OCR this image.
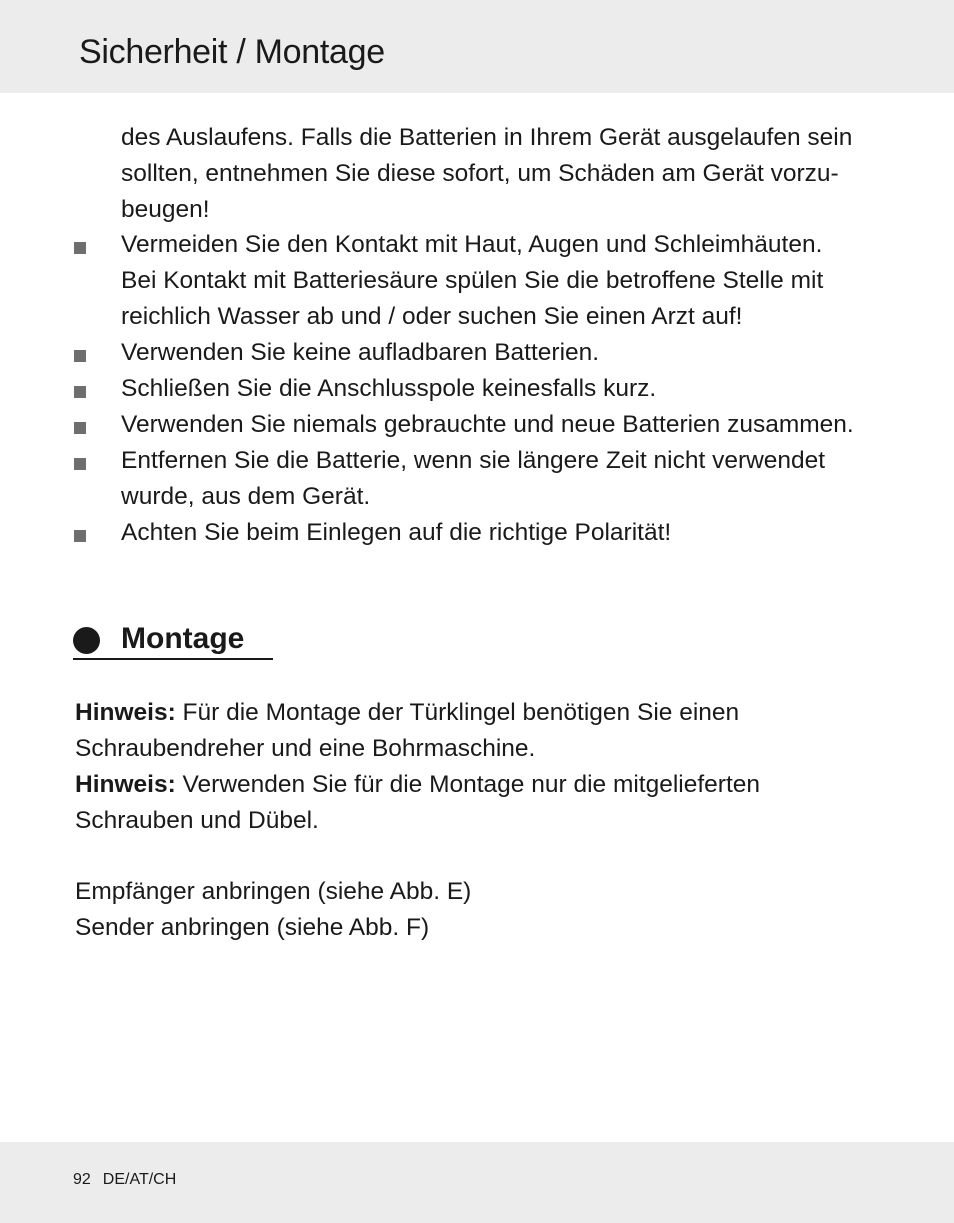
Sicherheit / Montage

des Auslaufens. Falls die Batterien in Ihrem Gerät ausgelaufen sein

sollten, entnehmen Sie diese sofort, um Schäden am Gerät vorzu-

beugen!

Vermeiden Sie den Kontakt mit Haut, Augen und Schleimhäuten.

Bei Kontakt mit Batteriesäure spülen Sie die betroffene Stelle mit

reichlich Wasser ab und / oder suchen Sie einen Arzt auf!

Verwenden Sie keine aufladbaren Batterien.

Schließen Sie die Anschlusspole keinesfalls kurz.

Verwenden Sie niemals gebrauchte und neue Batterien zusammen.

Entfernen Sie die Batterie, wenn sie längere Zeit nicht verwendet

wurde, aus dem Gerät.

Achten Sie beim Einlegen auf die richtige Polarität!

Montage

Hinweis: Für die Montage der Türklingel benötigen Sie einen

Schraubendreher und eine Bohrmaschine.

Hinweis: Verwenden Sie für die Montage nur die mitgelieferten

Schrauben und Dübel.

Empfänger anbringen (siehe Abb. E)

Sender anbringen (siehe Abb. F)

92 DE/AT/CH
